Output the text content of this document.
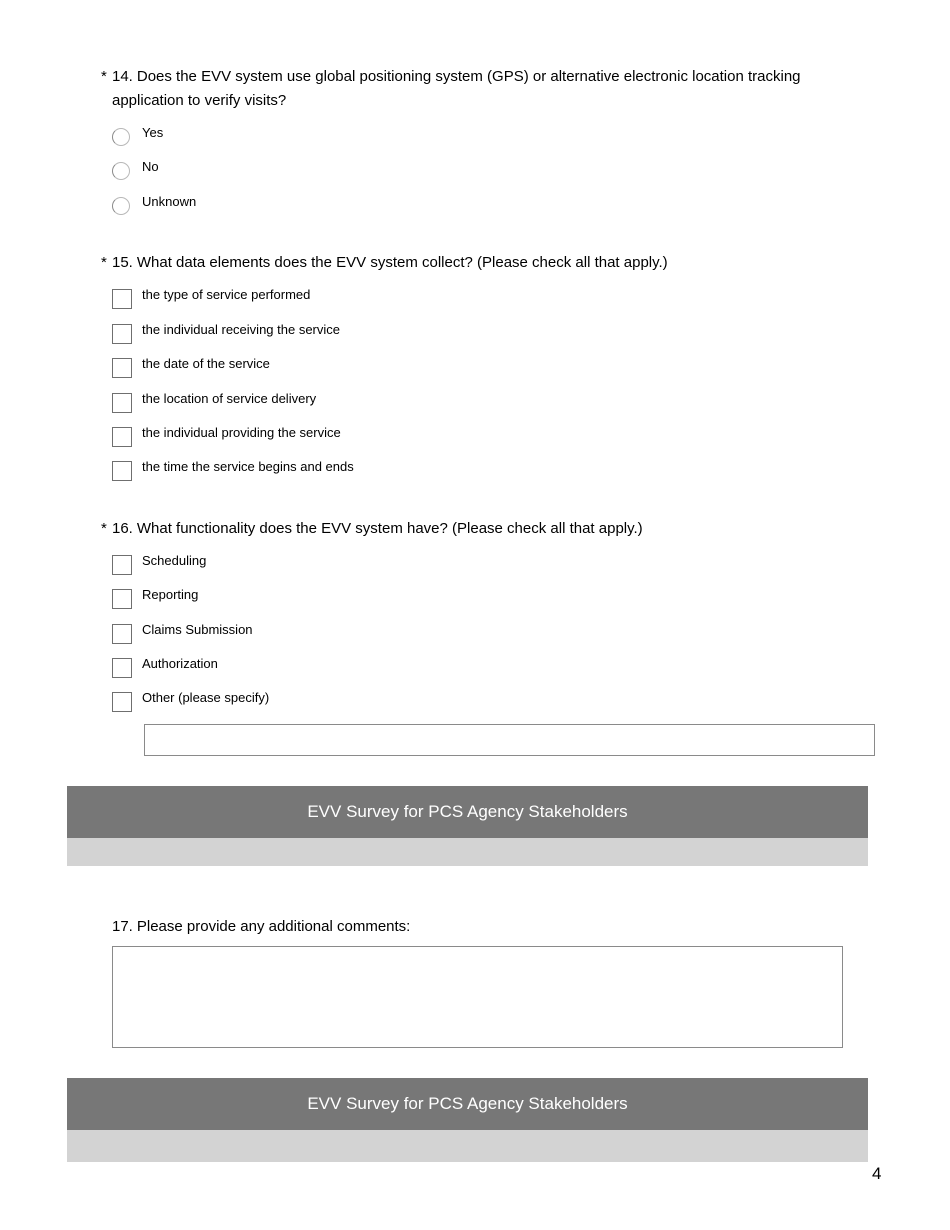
* 14. Does the EVV system use global positioning system (GPS) or alternative electronic location tracking application to verify visits?
Yes
No
Unknown
* 15. What data elements does the EVV system collect? (Please check all that apply.)
the type of service performed
the individual receiving the service
the date of the service
the location of service delivery
the individual providing the service
the time the service begins and ends
* 16. What functionality does the EVV system have? (Please check all that apply.)
Scheduling
Reporting
Claims Submission
Authorization
Other (please specify)
EVV Survey for PCS Agency Stakeholders
17. Please provide any additional comments:
EVV Survey for PCS Agency Stakeholders
4
